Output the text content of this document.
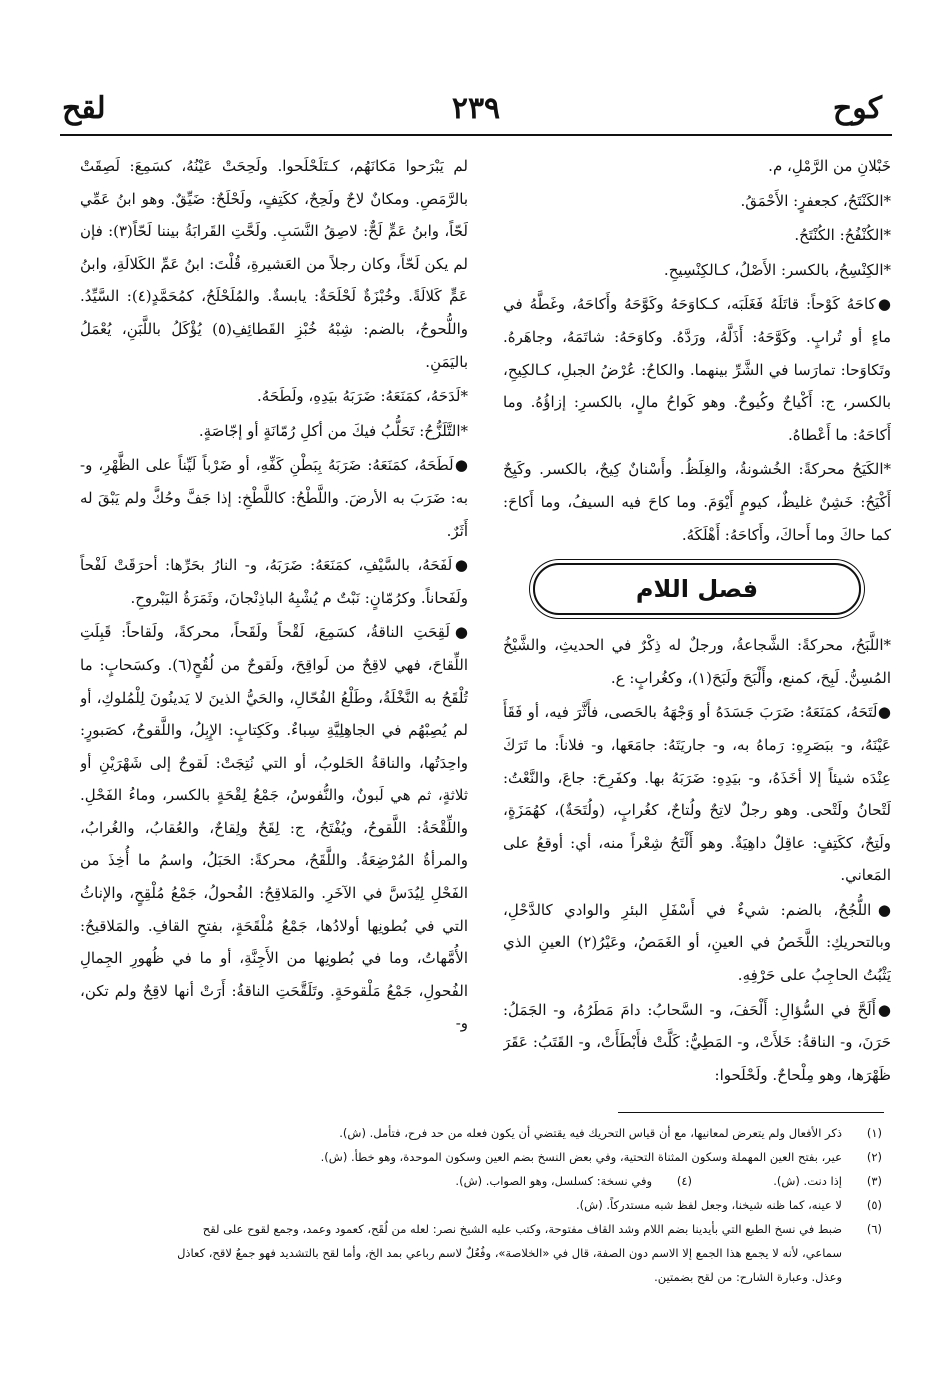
كوح
٢٣٩
لقح

خَبْلانِ من الرَّمْلِ، م.

*الكَنْتَحُ، كجعفرٍ: الأَحْمَقُ.

*الكُنْفُحُ: الكُنْتَحُ.

*الكِنْسِحُ، بالكسر: الأَصْلُ، كـالكِنْسِيحِ.

●كاحَهُ كَوْحاً: قاتَلَهُ فَغَلَبَه، كـكاوَحَهُ وكَوَّحَهُ وأَكاحَهُ، وغَطَّهُ في ماءٍ أو تُرابٍ. وكَوَّحَهُ: أَذَلَّهُ، ورَدَّهُ. وكاوَحَهُ: شاتَمَهُ، وجاهَرهُ. وتَكاوَحا: تمارَسا في الشَّرِّ بينهما. والكاحُ: عُرْضُ الجبلِ، كـالكِيحِ، بالكسر، ج: أَكْياحٌ وكُيوحٌ. وهو كَواحُ مالٍ، بالكسرِ: إزاؤُهُ. وما أَكاحَهُ: ما أَعْطاهُ.

*الكَيَحُ محركةً: الخُشونةُ، والغِلَظُ. وأَسْنانٌ كِيحٌ، بالكسر. وكَيِحٌ أَكْيَحُ: خَشِنٌ غليظٌ، كيومٍ أَيْوَمَ. وما كاحَ فيه السيفُ، وما أَكاحَ: كما حاكَ وما أَحاكَ، وأَكاحَهُ: أَهْلَكَهُ.

فصل اللام

*اللَّبَحُ، محركةً: الشَّجاعةُ، ورجلٌ له ذِكْرٌ في الحديثِ، والشَّيْخُ المُسِنُّ. لَبِحَ، كمنع، وأَلْبَحَ ولَبَحَ(١)، وكغُرابٍ: ع.

●لَتَحَهُ، كمَنَعَهُ: ضَرَبَ جَسَدَهُ أو وَجْهَهُ بالحَصى، فأَثَّرَ فيه، أو فَقَأَ عَيْنَهُ، و- ببَصَرِهِ: رَماهُ به، و- جاريَتَهُ: جامَعَها، و- فلاناً: ما تَرَكَ عِنْدَه شيئاً إلا أخَذَهُ، و- بيَدِهِ: ضَرَبَهُ بها. وكفَرِحَ: جاعَ، والنَّعْتُ: لَتْحانُ ولَتْحى. وهو رجلٌ لاتِحٌ ولُتاحٌ، كغُرابٍ، (ولُتَحَةٌ)، كهُمَزَةٍ، ولَتِحٌ، ككَتِفٍ: عاقِلٌ داهِيَةٌ. وهو أَلْتَحُ شِعْراً منه، أي: أوقعُ على المَعاني.

●اللُّجُحُ، بالضم: شيءٌ في أَسْفَلِ البئرِ والوادي كالدَّحْلِ، وبالتحريكِ: اللَّخَصُ في العينِ، أو الغَمَصُ، وعَيْرُ(٢) العينِ الذي يَثْبُتُ الحاجِبُ على حَرْفِهِ.

●أَلَحَّ في السُّؤالِ: أَلْحَفَ، و- السَّحابُ: دامَ مَطَرُهُ، و- الجَمَلُ: حَرَنَ، و- الناقةُ: خَلأَتْ، و- المَطِيُّ: كَلَّتْ فأَبْطَأَتْ، و- القَتَبُ: عَقَرَ ظَهْرَها، وهو مِلْحاحٌ. ولَحْلَحوا:

لم يَبْرَحوا مَكانَهُم، كـتَلَحْلَحوا. ولَحِحَتْ عَيْنُهُ، كسَمِعَ: لَصِقَتْ بالرَّمَصِ. ومكانٌ لاحٌ ولَحِحٌ، ككَتِفٍ، ولَحْلَحٌ: ضَيِّقٌ. وهو ابنُ عَمِّي لَحّاً، وابنُ عَمٍّ لَحٌّ: لاصِقُ النَّسَبِ. ولَحَّتِ القَرابَةُ بيننا لَحّاً(٣): فإن لم يكن لَحّاً، وكان رجلاً من العَشيرةِ، قُلْتَ: ابنُ عَمِّ الكَلالَةِ، وابنُ عَمٍّ كَلالَةً. وخُبْزَةٌ لَحْلَحَةٌ: يابسةٌ. والمُلَحْلَحُ، كمُحَمَّدٍ(٤): السَّيِّدُ. واللُّحوحُ، بالضم: شِبْهُ خُبْزِ القَطائِفِ(٥) يُؤْكَلُ باللَّبَنِ، يُعْمَلُ باليَمَنِ.

*لَدَحَهُ، كمَنَعَهُ: ضَرَبَهُ بيَدِهِ، ولَطَحَهُ.

*التَّلَزُّحُ: تَحَلُّبُ فيكَ من أكلِ رُمّانَةٍ أو إجّاصَةٍ.

●لَطَحَهُ، كمَنَعَهُ: ضَرَبَهُ بِبَطْنِ كَفِّهِ، أو ضَرْباً لَيِّناً على الظَّهْرِ، و- به: ضَرَبَ به الأرضَ. واللَّطْحُ: كاللَّطْخِ: إذا جَفَّ وحُكَّ ولم يَبْقَ له أَثَرٌ.

●لَفَحَهُ، بالسَّيْفِ، كمَنَعَهُ: ضَرَبَهُ، و- النارُ بحَرِّها: أحرَقَتْ لَفْحاً ولَفَحاناً. وكرُمّانٍ: نَبْتٌ م يُشْبِهُ الباذِنْجانَ، وثَمَرَةُ اليَبْروحِ.

●لَقِحَتِ الناقةُ، كسَمِعَ، لَقْحاً ولَقَحاً، محركةً، ولَقاحاً: قَبِلَتِ اللِّقاحَ، فهي لاقِحٌ من لَواقِحَ، ولَقوحٌ من لُقُحٍ(٦). وكسَحابٍ: ما تُلْقَحُ به النَّخْلَةُ، وطَلْعُ الفُحّالِ، والحَيُّ الذينَ لا يَدينُونَ لِلْمُلوكِ، أو لم يُصِبْهُم في الجاهِلِيَّةِ سِباءٌ. وكَكِتابٍ: الإِبِلُ، واللَّقوحُ، كصَبورٍ: واحِدَتُها، والناقةُ الحَلوبُ، أو التي نُتِجَتْ: لَقوحٌ إلى شَهْرَيْنِ أو ثلاثةٍ، ثم هي لَبونٌ، والنُّفوسُ، جَمْعُ لِقْحَةٍ بالكسر، وماءُ الفَحْلِ. واللِّقْحَةُ: اللَّقوحُ، ويُفْتَحُ، ج: لِقَحٌ ولِقاحٌ، والعُقابُ، والغُرابُ، والمرأةُ المُرْضِعَةُ. واللَّقَحُ، محركةً: الحَبَلُ، واسمُ ما أُخِذَ من الفَحْلِ لِيُدَسَّ في الآخَرِ. والمَلاقِحُ: الفُحولُ، جَمْعُ مُلْقِحٍ، والإناثُ التي في بُطونِها أولادُها، جَمْعُ مُلْقَحَةٍ، بفتحِ القافِ. والمَلاقيحُ: الأُمَّهاتُ، وما في بُطونِها من الأَجِنَّةِ، أو ما في ظُهورِ الجِمالِ الفُحولِ، جَمْعُ مَلْقوحَةٍ. وتَلَقَّحَتِ الناقةُ: أَرَتْ أنها لاقِحٌ ولم تكن، و-

(١)
ذكر الأفعال ولم يتعرض لمعانيها، مع أن قياس التحريك فيه يقتضي أن يكون فعله من حد فرح، فتأمل. (ش).
(٢)
عير، بفتح العين المهملة وسكون المثناة التحتية، وفي بعض النسخ بضم العين وسكون الموحدة، وهو خطأ. (ش).
(٣)
إذا دنت. (ش).
(٤)
وفي نسخة: كسلسل، وهو الصواب. (ش).
(٥)
لا عينه، كما ظنه شيخنا، وجعل لفظ شبه مستدركاً. (ش).
(٦)
ضبط في نسخ الطبع التي بأيدينا بضم اللام وشد القاف مفتوحة، وكتب عليه الشيخ نصر: لعله من لُقَح، كعمود وعمد، وجمع لقوح على لقح سماعي، لأنه لا يجمع هذا الجمع إلا الاسم دون الصفة، قال في «الخلاصة»، وفُعُلٌ لاسم رباعي بمد الخ، وأما لقح بالتشديد فهو جمعُ لاقح، كعاذل وعذل. وعبارة الشارح: من لقح بضمتين.
